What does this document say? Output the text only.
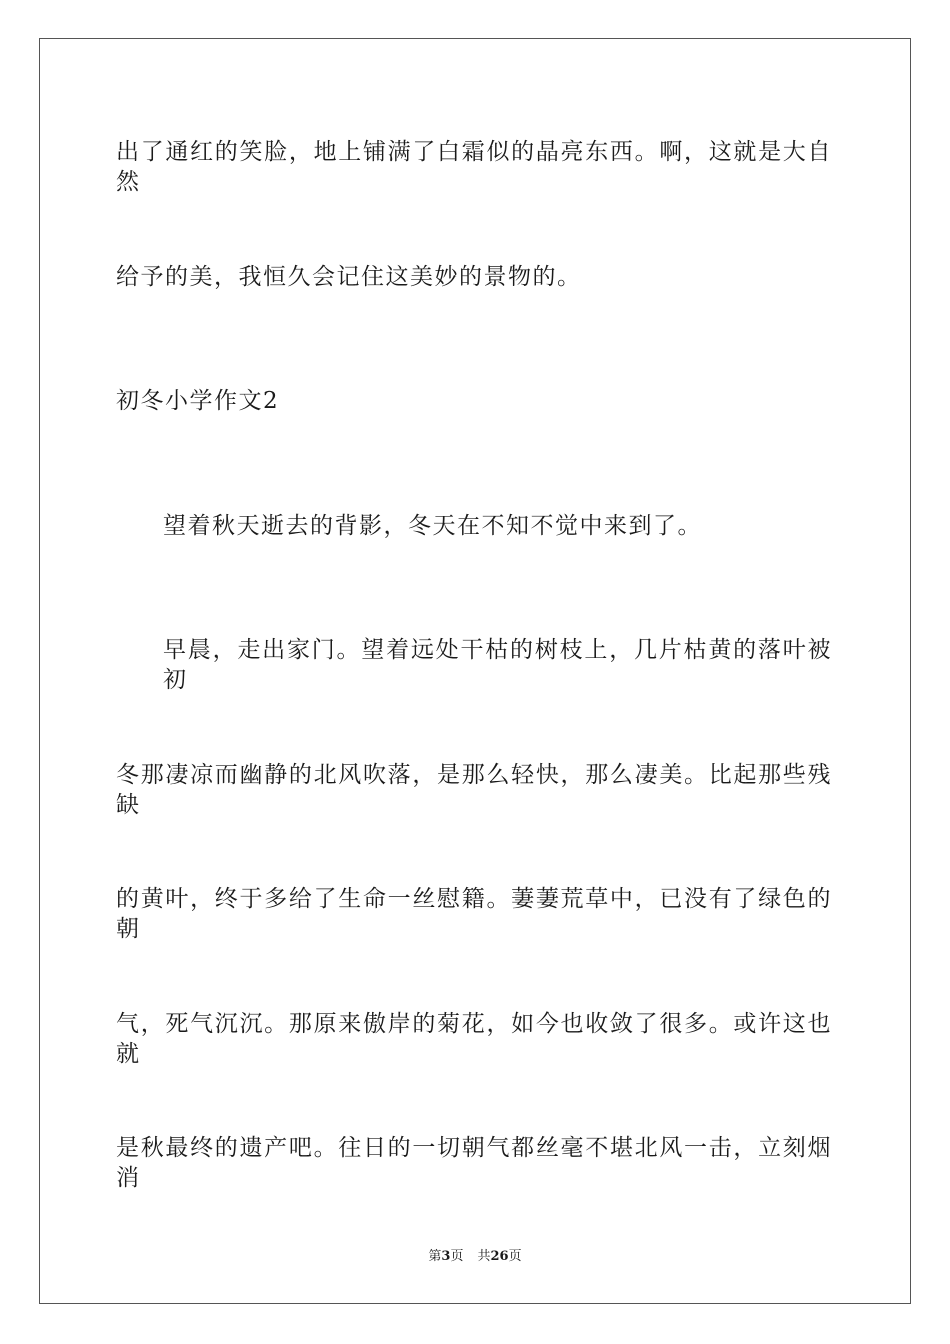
出了通红的笑脸，地上铺满了白霜似的晶亮东西。啊，这就是大自然
给予的美，我恒久会记住这美妙的景物的。
初冬小学作文2
望着秋天逝去的背影，冬天在不知不觉中来到了。
早晨，走出家门。望着远处干枯的树枝上，几片枯黄的落叶被初
冬那凄凉而幽静的北风吹落，是那么轻快，那么凄美。比起那些残缺
的黄叶，终于多给了生命一丝慰籍。萋萋荒草中，已没有了绿色的朝
气，死气沉沉。那原来傲岸的菊花，如今也收敛了很多。或许这也就
是秋最终的遗产吧。往日的一切朝气都丝毫不堪北风一击，立刻烟消
第3页 共26页
